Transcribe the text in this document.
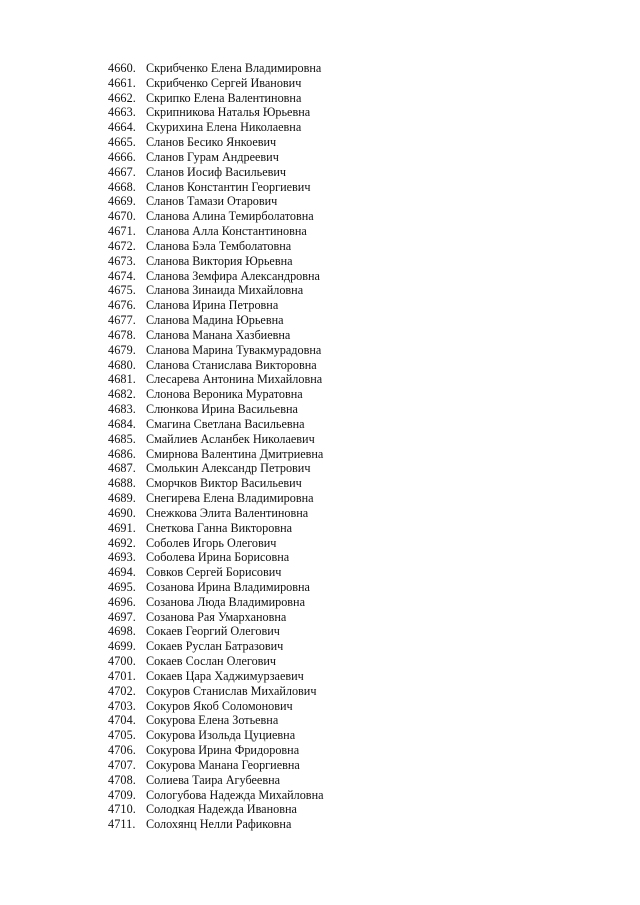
4660. Скрибченко Елена Владимировна
4661. Скрибченко Сергей Иванович
4662. Скрипко Елена Валентиновна
4663. Скрипникова Наталья Юрьевна
4664. Скурихина Елена Николаевна
4665. Сланов Бесико Янкоевич
4666. Сланов Гурам Андреевич
4667. Сланов Иосиф Васильевич
4668. Сланов Константин Георгиевич
4669. Сланов Тамази Отарович
4670. Сланова Алина Темирболатовна
4671. Сланова Алла Константиновна
4672. Сланова Бэла Темболатовна
4673. Сланова Виктория Юрьевна
4674. Сланова Земфира Александровна
4675. Сланова Зинаида Михайловна
4676. Сланова Ирина Петровна
4677. Сланова Мадина Юрьевна
4678. Сланова Манана Хазбиевна
4679. Сланова Марина Тувакмурадовна
4680. Сланова Станислава Викторовна
4681. Слесарева Антонина Михайловна
4682. Слонова Вероника Муратовна
4683. Слюнкова Ирина Васильевна
4684. Смагина Светлана Васильевна
4685. Смайлиев Асланбек Николаевич
4686. Смирнова Валентина Дмитриевна
4687. Смолькин Александр Петрович
4688. Сморчков Виктор Васильевич
4689. Снегирева Елена Владимировна
4690. Снежкова Элита Валентиновна
4691. Снеткова Ганна Викторовна
4692. Соболев Игорь Олегович
4693. Соболева Ирина Борисовна
4694. Совков Сергей Борисович
4695. Созанова Ирина Владимировна
4696. Созанова Люда Владимировна
4697. Созанова Рая Умархановна
4698. Сокаев Георгий Олегович
4699. Сокаев Руслан Батразович
4700. Сокаев Сослан Олегович
4701. Сокаев Цара Хаджимурзаевич
4702. Сокуров Станислав Михайлович
4703. Сокуров Якоб Соломонович
4704. Сокурова Елена Зотьевна
4705. Сокурова Изольда Цуциевна
4706. Сокурова Ирина Фридоровна
4707. Сокурова Манана Георгиевна
4708. Солиева Таира Агубеевна
4709. Сологубова Надежда Михайловна
4710. Солодкая Надежда Ивановна
4711. Солохянц Нелли Рафиковна
